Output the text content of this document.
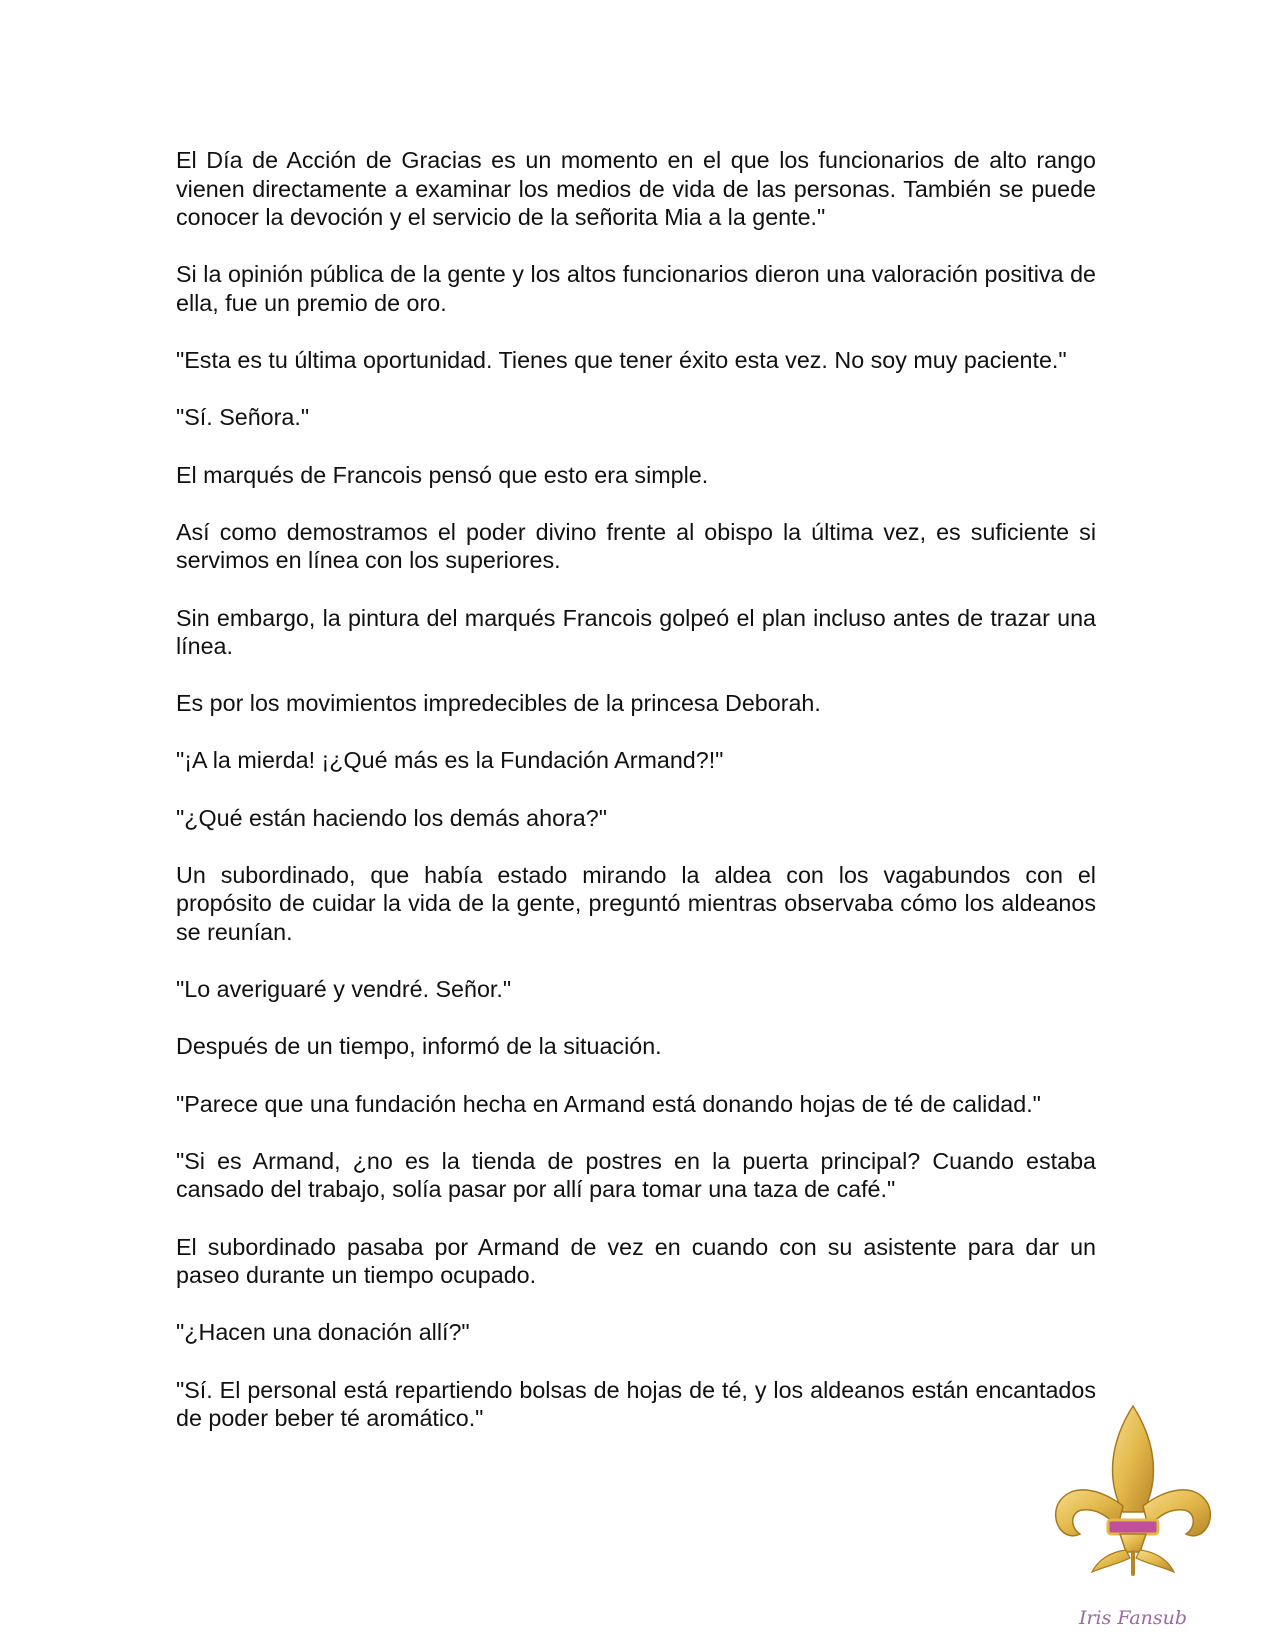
El Día de Acción de Gracias es un momento en el que los funcionarios de alto rango vienen directamente a examinar los medios de vida de las personas. También se puede conocer la devoción y el servicio de la señorita Mia a la gente."

Si la opinión pública de la gente y los altos funcionarios dieron una valoración positiva de ella, fue un premio de oro.

"Esta es tu última oportunidad. Tienes que tener éxito esta vez. No soy muy paciente."

"Sí. Señora."

El marqués de Francois pensó que esto era simple.

Así como demostramos el poder divino frente al obispo la última vez, es suficiente si servimos en línea con los superiores.

Sin embargo, la pintura del marqués Francois golpeó el plan incluso antes de trazar una línea.

Es por los movimientos impredecibles de la princesa Deborah.

"¡A la mierda! ¡¿Qué más es la Fundación Armand?!"

"¿Qué están haciendo los demás ahora?"

Un subordinado, que había estado mirando la aldea con los vagabundos con el propósito de cuidar la vida de la gente, preguntó mientras observaba cómo los aldeanos se reunían.

"Lo averiguaré y vendré. Señor."

Después de un tiempo, informó de la situación.

"Parece que una fundación hecha en Armand está donando hojas de té de calidad."

"Si es Armand, ¿no es la tienda de postres en la puerta principal? Cuando estaba cansado del trabajo, solía pasar por allí para tomar una taza de café."

El subordinado pasaba por Armand de vez en cuando con su asistente para dar un paseo durante un tiempo ocupado.

"¿Hacen una donación allí?"

"Sí. El personal está repartiendo bolsas de hojas de té, y los aldeanos están encantados de poder beber té aromático."

Iris Fansub
